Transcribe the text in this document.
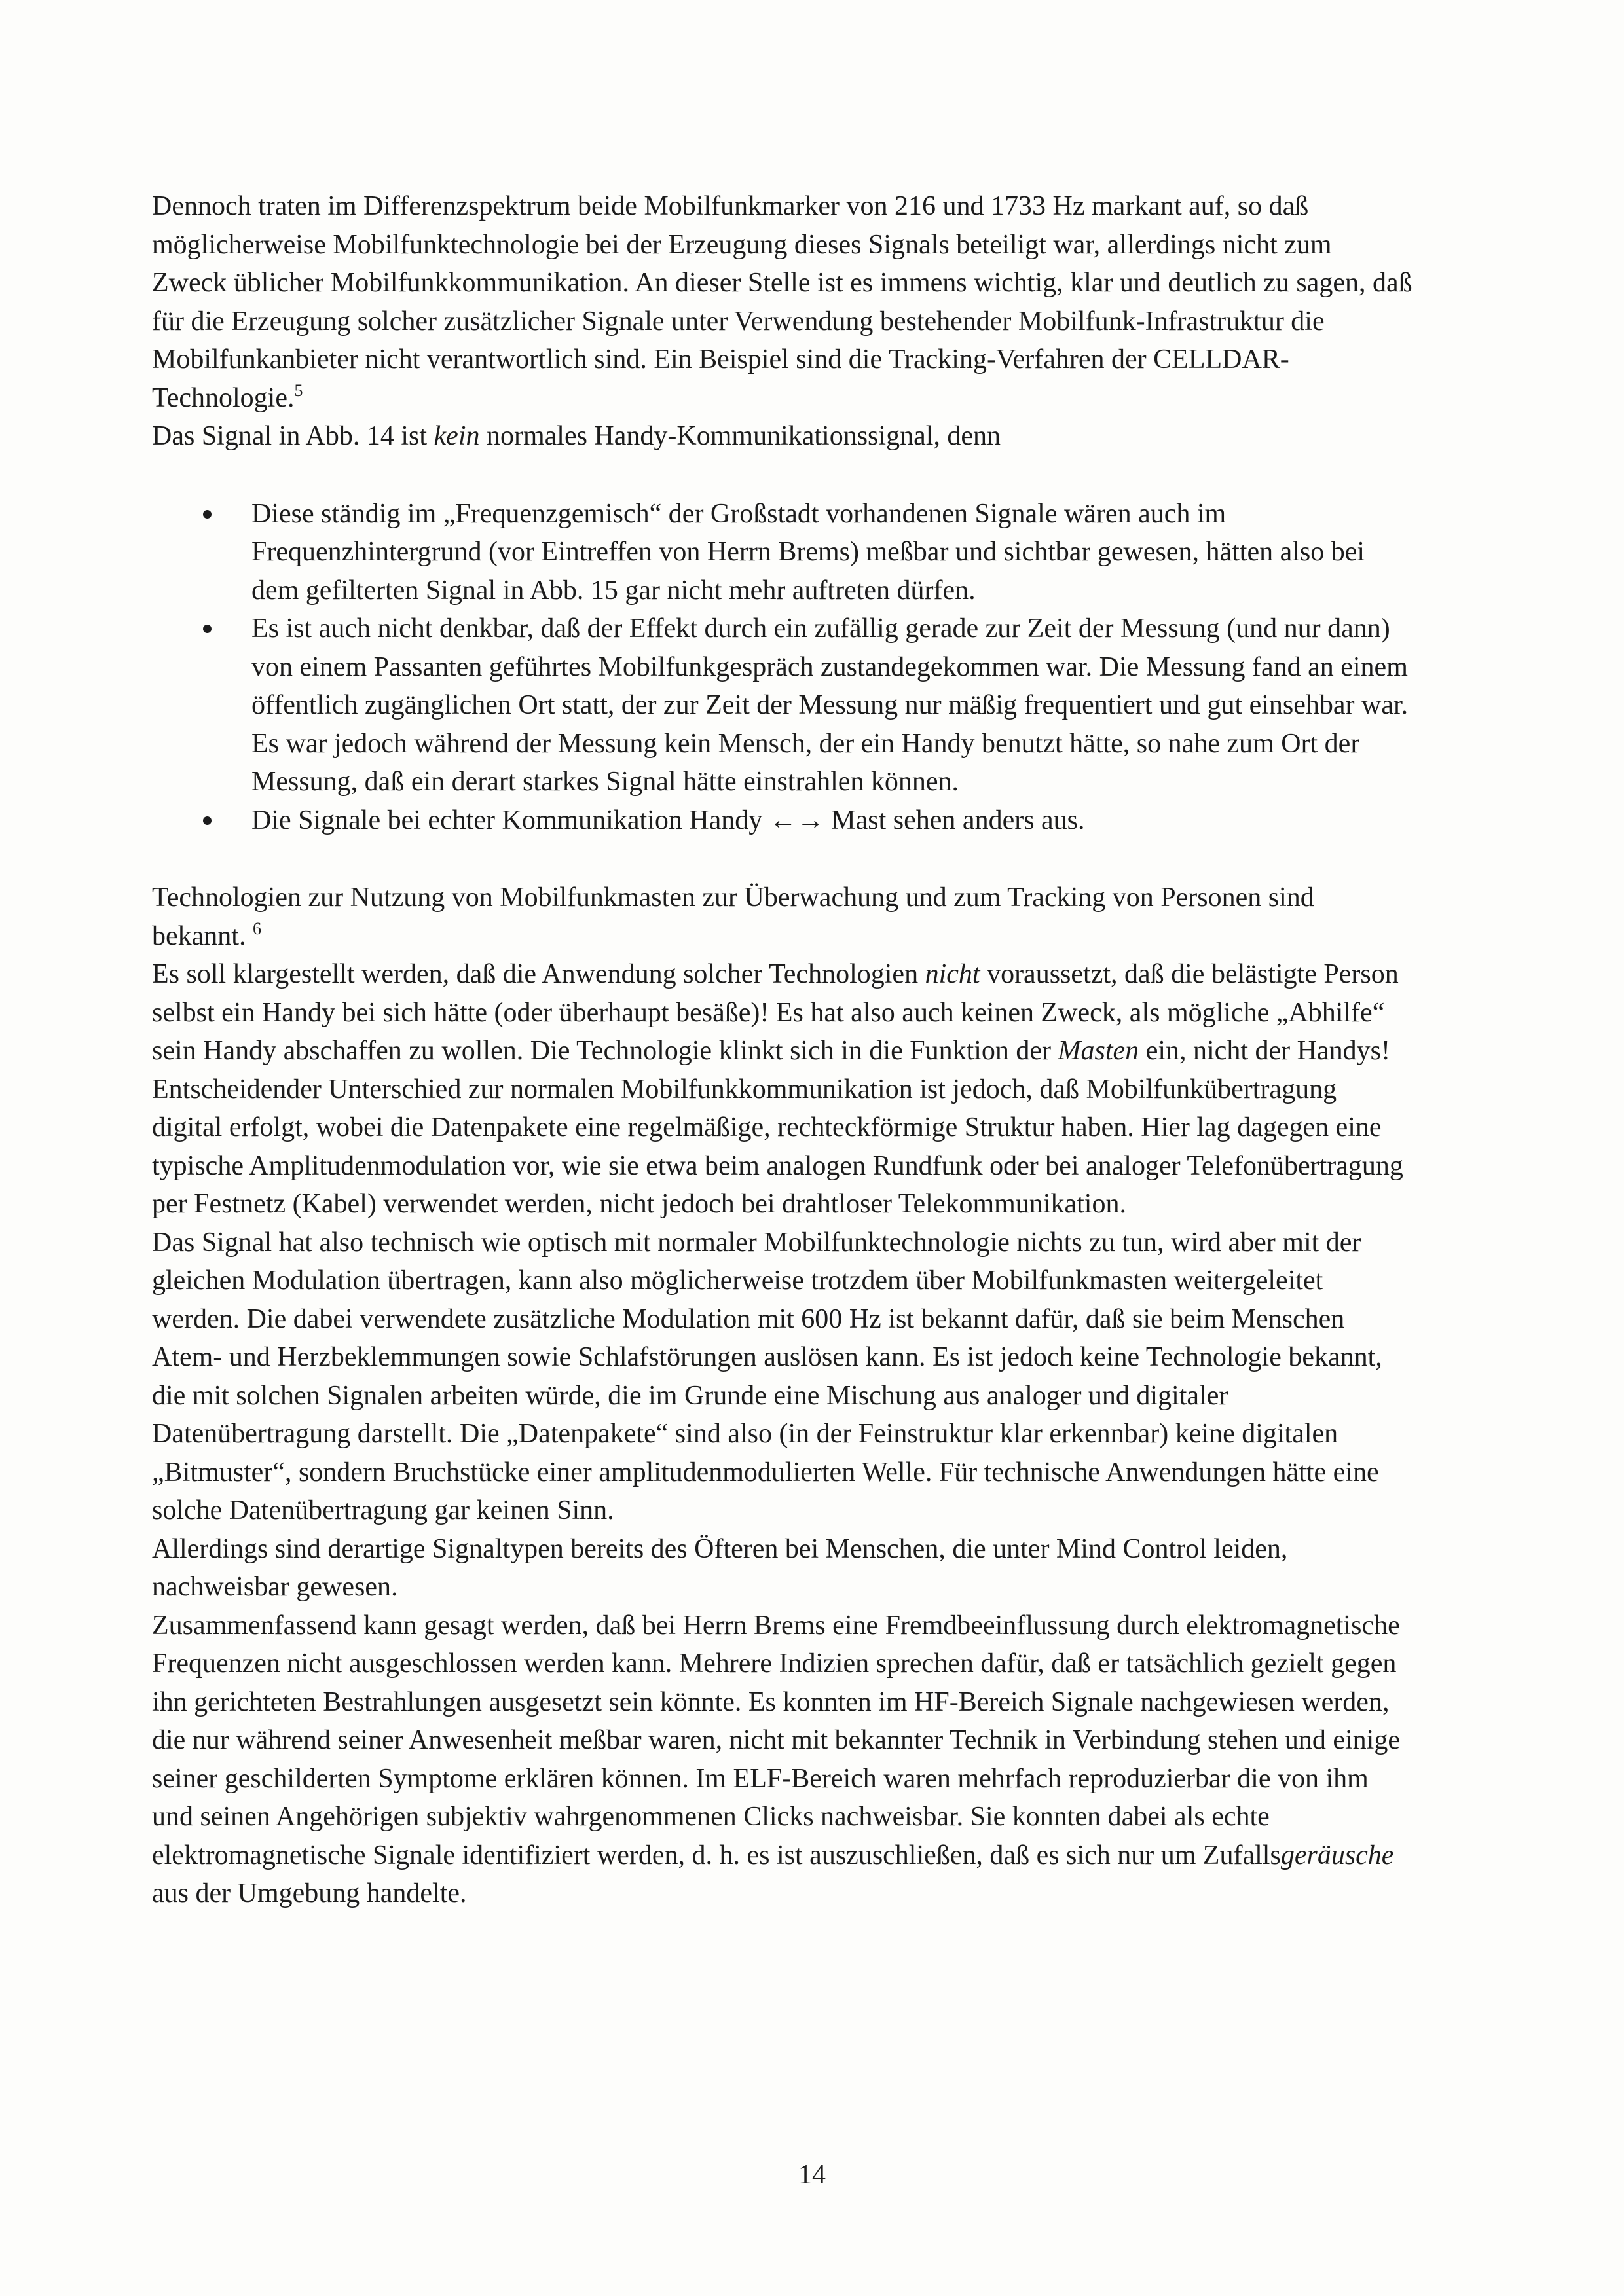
Dennoch traten im Differenzspektrum beide Mobilfunkmarker von 216 und 1733 Hz markant auf, so daß möglicherweise Mobilfunktechnologie bei der Erzeugung dieses Signals beteiligt war, allerdings nicht zum Zweck üblicher Mobilfunkkommunikation. An dieser Stelle ist es immens wichtig, klar und deutlich zu sagen, daß für die Erzeugung solcher zusätzlicher Signale unter Verwendung bestehender Mobilfunk-Infrastruktur die Mobilfunkanbieter nicht verantwortlich sind. Ein Beispiel sind die Tracking-Verfahren der CELLDAR-Technologie.$^5$
Das Signal in Abb. 14 ist kein normales Handy-Kommunikationssignal, denn

Diese ständig im „Frequenzgemisch“ der Großstadt vorhandenen Signale wären auch im Frequenzhintergrund (vor Eintreffen von Herrn Brems) meßbar und sichtbar gewesen, hätten also bei dem gefilterten Signal in Abb. 15 gar nicht mehr auftreten dürfen.
Es ist auch nicht denkbar, daß der Effekt durch ein zufällig gerade zur Zeit der Messung (und nur dann) von einem Passanten geführtes Mobilfunkgespräch zustandegekommen war. Die Messung fand an einem öffentlich zugänglichen Ort statt, der zur Zeit der Messung nur mäßig frequentiert und gut einsehbar war. Es war jedoch während der Messung kein Mensch, der ein Handy benutzt hätte, so nahe zum Ort der Messung, daß ein derart starkes Signal hätte einstrahlen können.
Die Signale bei echter Kommunikation Handy ←→ Mast sehen anders aus.

Technologien zur Nutzung von Mobilfunkmasten zur Überwachung und zum Tracking von Personen sind bekannt. $^6$

Es soll klargestellt werden, daß die Anwendung solcher Technologien nicht voraussetzt, daß die belästigte Person selbst ein Handy bei sich hätte (oder überhaupt besäße)! Es hat also auch keinen Zweck, als mögliche „Abhilfe“ sein Handy abschaffen zu wollen. Die Technologie klinkt sich in die Funktion der Masten ein, nicht der Handys!

Entscheidender Unterschied zur normalen Mobilfunkkommunikation ist jedoch, daß Mobilfunkübertragung digital erfolgt, wobei die Datenpakete eine regelmäßige, rechteckförmige Struktur haben. Hier lag dagegen eine typische Amplitudenmodulation vor, wie sie etwa beim analogen Rundfunk oder bei analoger Telefonübertragung per Festnetz (Kabel) verwendet werden, nicht jedoch bei drahtloser Telekommunikation.

Das Signal hat also technisch wie optisch mit normaler Mobilfunktechnologie nichts zu tun, wird aber mit der gleichen Modulation übertragen, kann also möglicherweise trotzdem über Mobilfunkmasten weitergeleitet werden. Die dabei verwendete zusätzliche Modulation mit 600 Hz ist bekannt dafür, daß sie beim Menschen Atem- und Herzbeklemmungen sowie Schlafstörungen auslösen kann. Es ist jedoch keine Technologie bekannt, die mit solchen Signalen arbeiten würde, die im Grunde eine Mischung aus analoger und digitaler Datenübertragung darstellt. Die „Datenpakete“ sind also (in der Feinstruktur klar erkennbar) keine digitalen „Bitmuster“, sondern Bruchstücke einer amplitudenmodulierten Welle. Für technische Anwendungen hätte eine solche Datenübertragung gar keinen Sinn.

Allerdings sind derartige Signaltypen bereits des Öfteren bei Menschen, die unter Mind Control leiden, nachweisbar gewesen.

Zusammenfassend kann gesagt werden, daß bei Herrn Brems eine Fremdbeeinflussung durch elektromagnetische Frequenzen nicht ausgeschlossen werden kann. Mehrere Indizien sprechen dafür, daß er tatsächlich gezielt gegen ihn gerichteten Bestrahlungen ausgesetzt sein könnte. Es konnten im HF-Bereich Signale nachgewiesen werden, die nur während seiner Anwesenheit meßbar waren, nicht mit bekannter Technik in Verbindung stehen und einige seiner geschilderten Symptome erklären können. Im ELF-Bereich waren mehrfach reproduzierbar die von ihm und seinen Angehörigen subjektiv wahrgenommenen Clicks nachweisbar. Sie konnten dabei als echte elektromagnetische Signale identifiziert werden, d. h. es ist auszuschließen, daß es sich nur um Zufallsgeräusche aus der Umgebung handelte.

14
